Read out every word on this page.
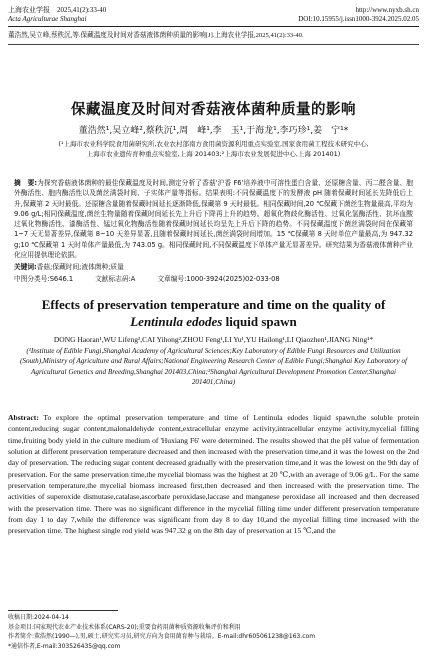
上海农业学报　 2025,41(2):33-40
Acta Agriculturae Shanghai
http://www.nyxb.sh.cn
DOI:10.15955/j.issn1000-3924.2025.02.05
董浩然,吴立峰,蔡秩沉,等.保藏温度及时间对香菇液体菌种质量的影响[J].上海农业学报,2025,41(2):33-40.
保藏温度及时间对香菇液体菌种质量的影响
董浩然¹,吴立峰²,蔡秩沉¹,周　峰¹,李　玉¹,于海龙¹,李巧珍¹,姜　宁¹*
(¹上海市农业科学院食用菌研究所,农业农村部南方食用菌资源利用重点实验室,国家食用菌工程技术研究中心,
上海市农业遗传育种重点实验室,上海 201403;²上海市农业发展促进中心,上海 201401)
摘　要:为探究香菇液体菌种的最佳保藏温度及时间,测定分析了香菇'沪香 F6'培养液中可溶性蛋白含量、还原糖含量、丙二醛含量、胞外酶活性、胞内酶活性以及菌丝满袋时间、子实体产量等指标。结果表明:不同保藏温度下的发酵液 pH 随着保藏时间延长先降低后上升,保藏第 2 天时最低。还原糖含量随着保藏时间延长逐渐降低,保藏第 9 天时最低。相同保藏时间,20 ℃保藏下菌丝生物量最高,平均为 9.06 g/L;相同保藏温度,菌丝生物量随着保藏时间延长先上升后下降再上升的趋势。超氧化物歧化酶活性、过氧化氢酶活性、抗坏血酸过氧化物酶活性、漆酶活性、锰过氧化物酶活性随着保藏时间延长均呈先上升后下降的趋势。不同保藏温度下菌丝满袋时间在保藏第 1~7 天无显著差异,保藏第 8~10 天差异显著,且随着保藏时间延长,菌丝满袋时间增加。15 ℃保藏第 8 天时单位产量最高,为 947.32 g;10 ℃保藏第 1 天时单体产量最低,为 743.05 g。相同保藏时间,不同保藏温度下单体产量无显著差异。研究结果为香菇液体菌种产业化应用提供理论依据。
关键词:香菇;保藏时间;液体菌种;质量
中图分类号:S646.1	文献标志码:A	文章编号:1000-3924(2025)02-033-08
Effects of preservation temperature and time on the quality of
Lentinula edodes liquid spawn
DONG Haoran¹,WU Lifeng²,CAI Yihong²,ZHOU Feng¹,LI Yu¹,YU Hailong¹,LI Qiaozhen¹,JIANG Ning¹*
(¹Institute of Edible Fungi,Shanghai Academy of Agricultural Sciences;Key Laboratory of Edible Fungi Resources and Utilization (South),Ministry of Agriculture and Rural Affairs;National Engineering Research Center of Edible Fungi;Shanghai Key Laboratory of Agricultural Genetics and Breeding,Shanghai 201403,China;²Shanghai Agricultural Development Promotion Center,Shanghai 201401,China)
Abstract: To explore the optimal preservation temperature and time of Lentinula edodes liquid spawn,the soluble protein content,reducing sugar content,malonaldehyde content,extracellular enzyme activity,intracellular enzyme activity,mycelial filling time,fruiting body yield in the culture medium of 'Huxiang F6' were determined. The results showed that the pH value of fermentation solution at different preservation temperature decreased and then increased with the preservation time,and it was the lowest on the 2nd day of preservation. The reducing sugar content decreased gradually with the preservation time,and it was the lowest on the 9th day of preservation. For the same preservation time,the mycelial biomass was the highest at 20 ℃,with an average of 9.06 g/L. For the same preservation temperature,the mycelial biomass increased first,then decreased and then increased with the preservation time. The activities of superoxide dismutase,catalase,ascorbate peroxidase,laccase and manganese peroxidase all increased and then decreased with the preservation time. There was no significant difference in the mycelial filling time under different preservation temperature from day 1 to day 7,while the difference was significant from day 8 to day 10,and the mycelial filling time increased with the preservation time. The highest single rod yield was 947.32 g on the 8th day of preservation at 15 ℃,and the
收稿日期:2024-04-14
基金项目:国家现代农业产业技术体系(CARS-20);重要食药用菌种质资源收集评价和利用
作者简介:董浩然(1990—),男,硕士,研究实习员,研究方向为食用菌育种与栽培。E-mail:dhr605061238@163.com
*通信作者,E-mail:303526435@qq.com
